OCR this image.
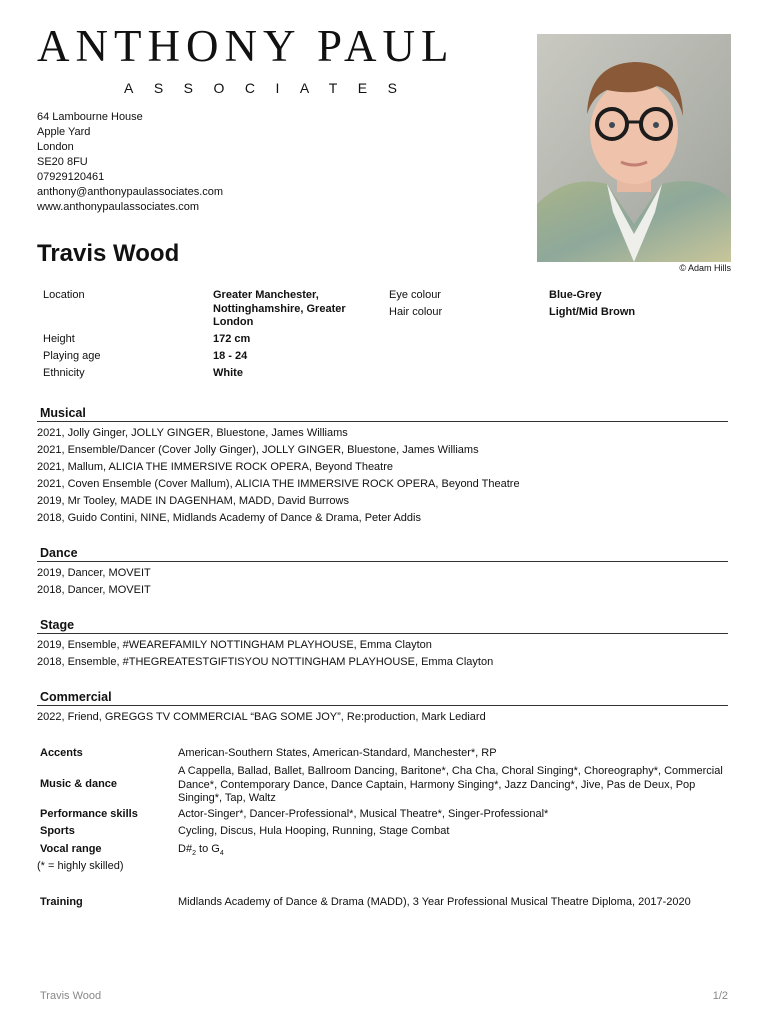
ANTHONY PAUL
ASSOCIATES
64 Lambourne House
Apple Yard
London
SE20 8FU
07929120461
anthony@anthonypaulassociates.com
www.anthonypaulassociates.com
© Adam Hills
Travis Wood
Location	Greater Manchester, Nottinghamshire, Greater London
Height	172 cm
Playing age	18 - 24
Ethnicity	White
Eye colour	Blue-Grey
Hair colour	Light/Mid Brown
Musical
2021, Jolly Ginger, JOLLY GINGER, Bluestone, James Williams
2021, Ensemble/Dancer (Cover Jolly Ginger), JOLLY GINGER, Bluestone, James Williams
2021, Mallum, ALICIA THE IMMERSIVE ROCK OPERA, Beyond Theatre
2021, Coven Ensemble (Cover Mallum), ALICIA THE IMMERSIVE ROCK OPERA, Beyond Theatre
2019, Mr Tooley, MADE IN DAGENHAM, MADD, David Burrows
2018, Guido Contini, NINE, Midlands Academy of Dance & Drama, Peter Addis
Dance
2019, Dancer, MOVEIT
2018, Dancer, MOVEIT
Stage
2019, Ensemble, #WEAREFAMILY NOTTINGHAM PLAYHOUSE, Emma Clayton
2018, Ensemble, #THEGREATESTGIFTISYOU NOTTINGHAM PLAYHOUSE, Emma Clayton
Commercial
2022, Friend, GREGGS TV COMMERCIAL “BAG SOME JOY”, Re:production, Mark Lediard
Accents	American-Southern States, American-Standard, Manchester*, RP
Music & dance
A Cappella, Ballad, Ballet, Ballroom Dancing, Baritone*, Cha Cha, Choral Singing*, Choreography*, Commercial Dance*, Contemporary Dance, Dance Captain, Harmony Singing*, Jazz Dancing*, Jive, Pas de Deux, Pop Singing*, Tap, Waltz
Performance skills	Actor-Singer*, Dancer-Professional*, Musical Theatre*, Singer-Professional*
Sports	Cycling, Discus, Hula Hooping, Running, Stage Combat
Vocal range	$D\#_2$ to $G_4$
(* = highly skilled)
Training	Midlands Academy of Dance & Drama (MADD), 3 Year Professional Musical Theatre Diploma, 2017-2020
Travis Wood	1/2
